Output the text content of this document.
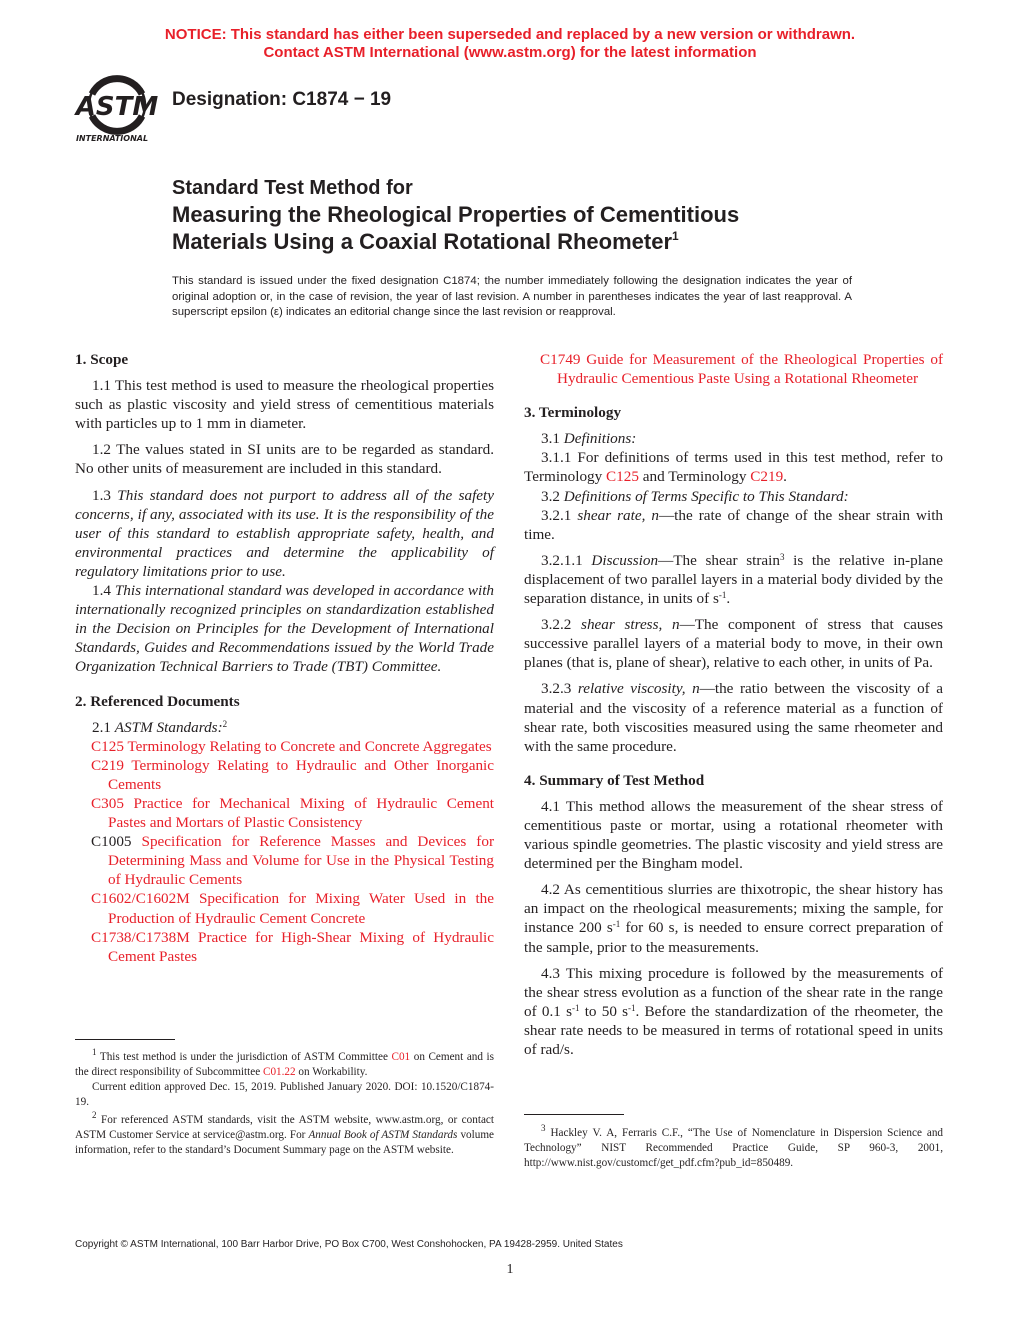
NOTICE: This standard has either been superseded and replaced by a new version or withdrawn.
Contact ASTM International (www.astm.org) for the latest information
ASTM
INTERNATIONAL
Designation: C1874 − 19
Standard Test Method for
Measuring the Rheological Properties of Cementitious
Materials Using a Coaxial Rotational Rheometer$^1$
This standard is issued under the fixed designation C1874; the number immediately following the designation indicates the year of original adoption or, in the case of revision, the year of last revision. A number in parentheses indicates the year of last reapproval. A superscript epsilon (ε) indicates an editorial change since the last revision or reapproval.

1. Scope

1.1 This test method is used to measure the rheological properties such as plastic viscosity and yield stress of cementitious materials with particles up to 1 mm in diameter.

1.2 The values stated in SI units are to be regarded as standard. No other units of measurement are included in this standard.

1.3 This standard does not purport to address all of the safety concerns, if any, associated with its use. It is the responsibility of the user of this standard to establish appropriate safety, health, and environmental practices and determine the applicability of regulatory limitations prior to use.

1.4 This international standard was developed in accordance with internationally recognized principles on standardization established in the Decision on Principles for the Development of International Standards, Guides and Recommendations issued by the World Trade Organization Technical Barriers to Trade (TBT) Committee.

2. Referenced Documents

2.1 ASTM Standards:$^2$

C125 Terminology Relating to Concrete and Concrete Aggregates

C219 Terminology Relating to Hydraulic and Other Inorganic Cements

C305 Practice for Mechanical Mixing of Hydraulic Cement Pastes and Mortars of Plastic Consistency

C1005 Specification for Reference Masses and Devices for Determining Mass and Volume for Use in the Physical Testing of Hydraulic Cements

C1602/C1602M Specification for Mixing Water Used in the Production of Hydraulic Cement Concrete

C1738/C1738M Practice for High-Shear Mixing of Hydraulic Cement Pastes

$^1$ This test method is under the jurisdiction of ASTM Committee C01 on Cement and is the direct responsibility of Subcommittee C01.22 on Workability.

Current edition approved Dec. 15, 2019. Published January 2020. DOI: 10.1520/C1874-19.

$^2$ For referenced ASTM standards, visit the ASTM website, www.astm.org, or contact ASTM Customer Service at service@astm.org. For Annual Book of ASTM Standards volume information, refer to the standard’s Document Summary page on the ASTM website.

C1749 Guide for Measurement of the Rheological Properties of Hydraulic Cementious Paste Using a Rotational Rheometer

3. Terminology

3.1 Definitions:

3.1.1 For definitions of terms used in this test method, refer to Terminology C125 and Terminology C219.

3.2 Definitions of Terms Specific to This Standard:

3.2.1 shear rate, n—the rate of change of the shear strain with time.

3.2.1.1 Discussion—The shear strain$^3$ is the relative in-plane displacement of two parallel layers in a material body divided by the separation distance, in units of $s^{-1}$.

3.2.2 shear stress, n—The component of stress that causes successive parallel layers of a material body to move, in their own planes (that is, plane of shear), relative to each other, in units of Pa.

3.2.3 relative viscosity, n—the ratio between the viscosity of a material and the viscosity of a reference material as a function of shear rate, both viscosities measured using the same rheometer and with the same procedure.

4. Summary of Test Method

4.1 This method allows the measurement of the shear stress of cementitious paste or mortar, using a rotational rheometer with various spindle geometries. The plastic viscosity and yield stress are determined per the Bingham model.

4.2 As cementitious slurries are thixotropic, the shear history has an impact on the rheological measurements; mixing the sample, for instance 200 $s^{-1}$ for 60 s, is needed to ensure correct preparation of the sample, prior to the measurements.

4.3 This mixing procedure is followed by the measurements of the shear stress evolution as a function of the shear rate in the range of 0.1 $s^{-1}$ to 50 $s^{-1}$. Before the standardization of the rheometer, the shear rate needs to be measured in terms of rotational speed in units of rad/s.

$^3$ Hackley V. A, Ferraris C.F., “The Use of Nomenclature in Dispersion Science and Technology” NIST Recommended Practice Guide, SP 960-3, 2001, http://www.nist.gov/customcf/get_pdf.cfm?pub_id=850489.

Copyright © ASTM International, 100 Barr Harbor Drive, PO Box C700, West Conshohocken, PA 19428-2959. United States
1
